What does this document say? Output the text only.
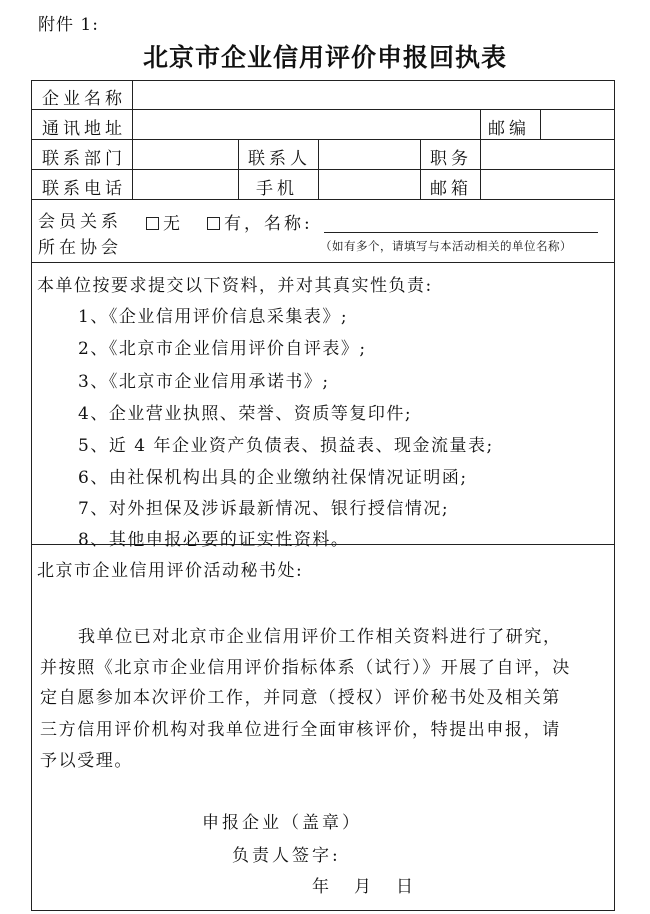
附件 1:
北京市企业信用评价申报回执表
企业名称
通讯地址	邮编
联系部门	联系人	职务
联系电话	手机	邮箱
会员关系
所在协会
无	有，名称:
（如有多个，请填写与本活动相关的单位名称）
本单位按要求提交以下资料，并对其真实性负责:
1、《企业信用评价信息采集表》;
2、《北京市企业信用评价自评表》;
3、《北京市企业信用承诺书》;
4、企业营业执照、荣誉、资质等复印件;
5、近 4 年企业资产负债表、损益表、现金流量表;
6、由社保机构出具的企业缴纳社保情况证明函;
7、对外担保及涉诉最新情况、银行授信情况;
8、其他申报必要的证实性资料。
北京市企业信用评价活动秘书处:
我单位已对北京市企业信用评价工作相关资料进行了研究，
并按照《北京市企业信用评价指标体系（试行）》开展了自评，决
定自愿参加本次评价工作，并同意（授权）评价秘书处及相关第
三方信用评价机构对我单位进行全面审核评价，特提出申报，请
予以受理。
申报企业（盖章）
负责人签字:
年　月　日
